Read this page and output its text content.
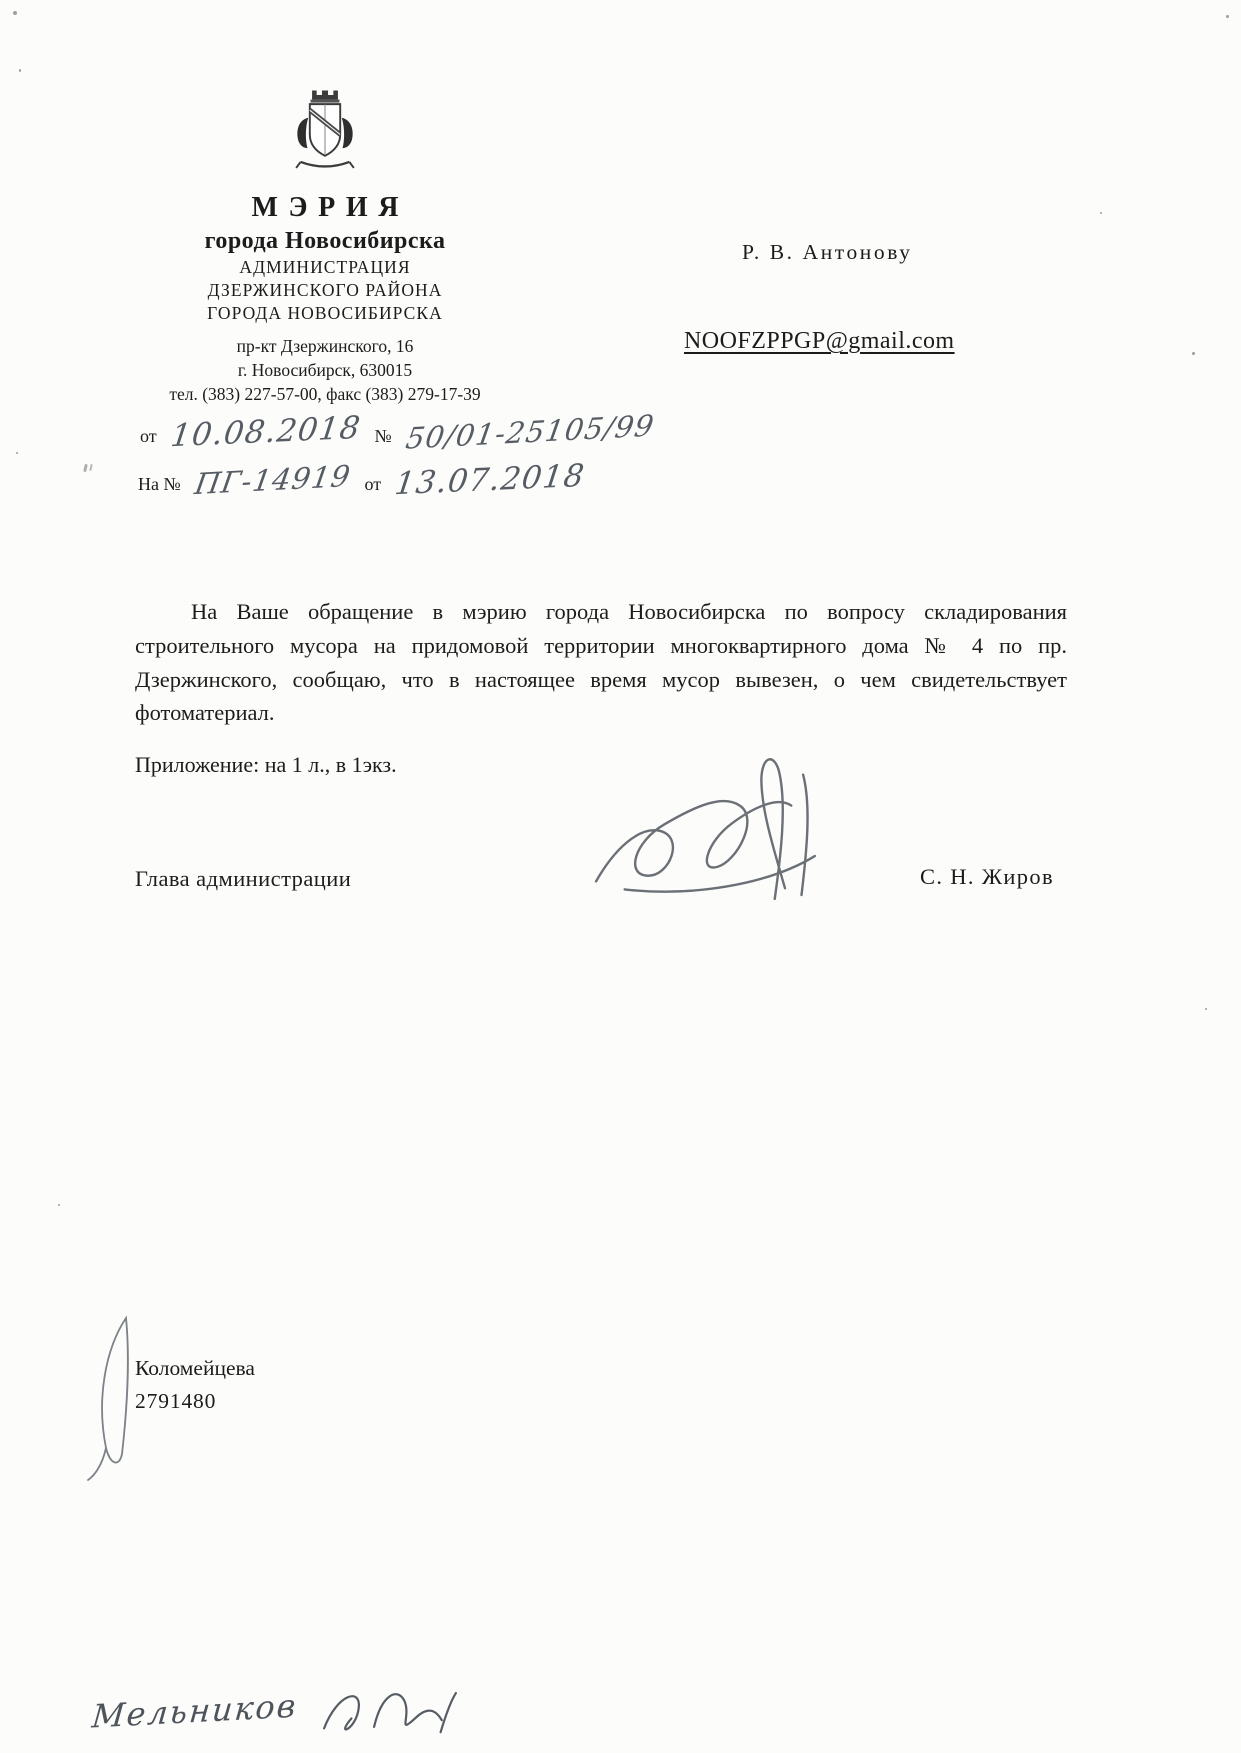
МЭРИЯ
города Новосибирска
АДМИНИСТРАЦИЯ
ДЗЕРЖИНСКОГО РАЙОНА
ГОРОДА НОВОСИБИРСКА
пр-кт Дзержинского, 16
г. Новосибирск, 630015
тел. (383) 227-57-00, факс (383) 279-17-39
от 10.08.2018 № 50/01-25105/99
На № ПГ-14919 от 13.07.2018
Р. В. Антонову
NOOFZPPGP@gmail.com
На Ваше обращение в мэрию города Новосибирска по вопросу складирования строительного мусора на придомовой территории многоквартирного дома № 4 по пр. Дзержинского, сообщаю, что в настоящее время мусор вывезен, о чем свидетельствует фотоматериал.
Приложение: на 1 л., в 1экз.
Глава администрации	С. Н. Жиров
Коломейцева
2791480
Мельников
